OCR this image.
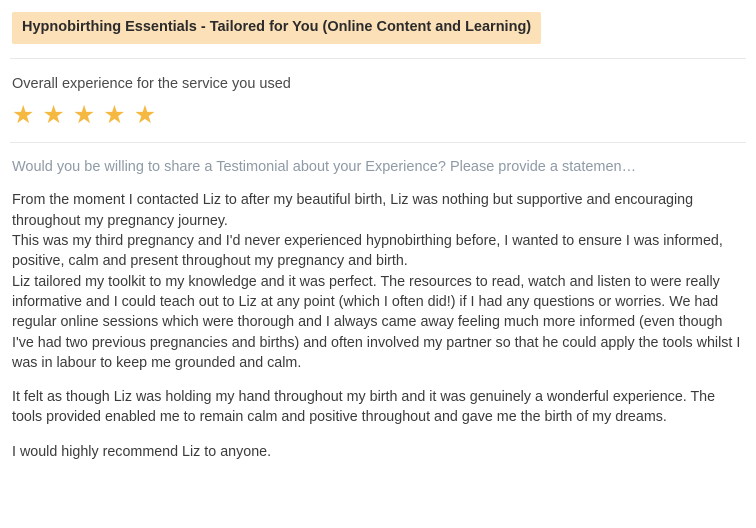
Hypnobirthing Essentials - Tailored for You (Online Content and Learning)
Overall experience for the service you used
★ ★ ★ ★ ★
Would you be willing to share a Testimonial about your Experience? Please provide a statemen…

From the moment I contacted Liz to after my beautiful birth, Liz was nothing but supportive and encouraging throughout my pregnancy journey.
This was my third pregnancy and I'd never experienced hypnobirthing before, I wanted to ensure I was informed, positive, calm and present throughout my pregnancy and birth.
Liz tailored my toolkit to my knowledge and it was perfect. The resources to read, watch and listen to were really informative and I could teach out to Liz at any point (which I often did!) if I had any questions or worries. We had regular online sessions which were thorough and I always came away feeling much more informed (even though I've had two previous pregnancies and births) and often involved my partner so that he could apply the tools whilst I was in labour to keep me grounded and calm.

It felt as though Liz was holding my hand throughout my birth and it was genuinely a wonderful experience. The tools provided enabled me to remain calm and positive throughout and gave me the birth of my dreams.

I would highly recommend Liz to anyone.
